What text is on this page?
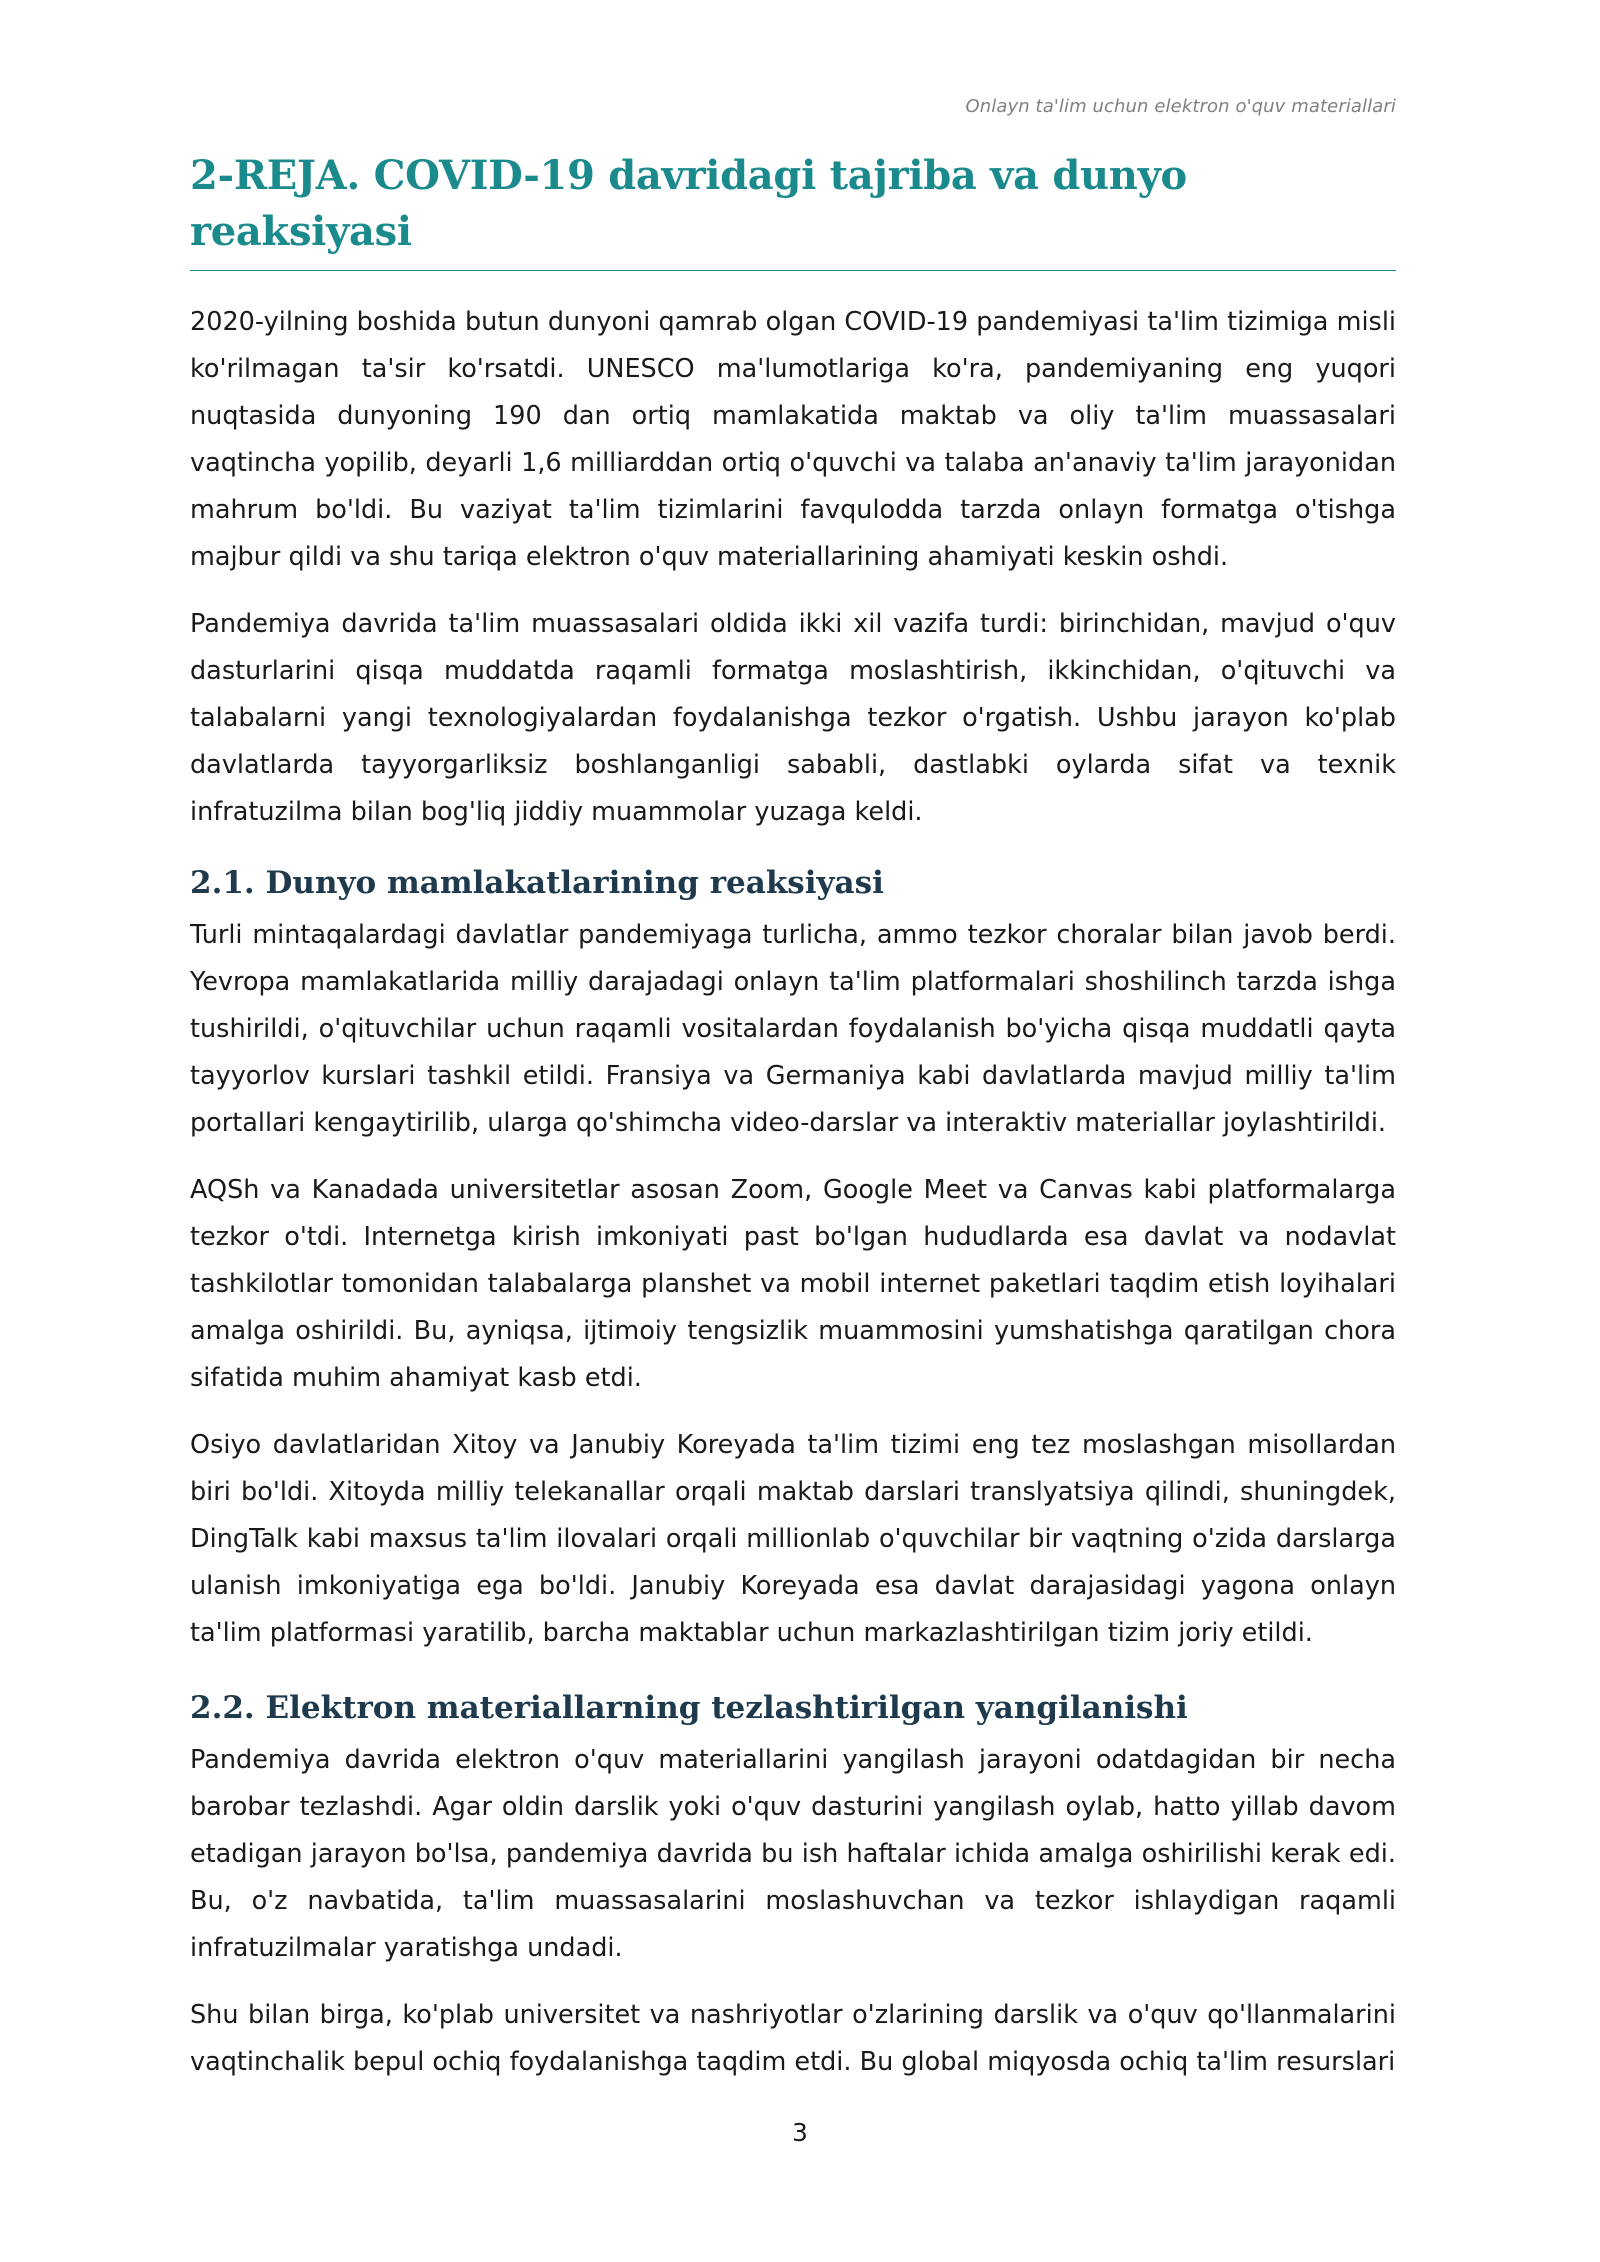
Onlayn ta'lim uchun elektron o'quv materiallari
2-REJA. COVID-19 davridagi tajriba va dunyo reaksiyasi

2020-yilning boshida butun dunyoni qamrab olgan COVID-19 pandemiyasi ta'lim tizimiga misli ko'rilmagan ta'sir ko'rsatdi. UNESCO ma'lumotlariga ko'ra, pandemiyaning eng yuqori nuqtasida dunyoning 190 dan ortiq mamlakatida maktab va oliy ta'lim muassasalari vaqtincha yopilib, deyarli 1,6 milliarddan ortiq o'quvchi va talaba an'anaviy ta'lim jarayonidan mahrum bo'ldi. Bu vaziyat ta'lim tizimlarini favqulodda tarzda onlayn formatga o'tishga majbur qildi va shu tariqa elektron o'quv materiallarining ahamiyati keskin oshdi.

Pandemiya davrida ta'lim muassasalari oldida ikki xil vazifa turdi: birinchidan, mavjud o'quv dasturlarini qisqa muddatda raqamli formatga moslashtirish, ikkinchidan, o'qituvchi va talabalarni yangi texnologiyalardan foydalanishga tezkor o'rgatish. Ushbu jarayon ko'plab davlatlarda tayyorgarliksiz boshlanganligi sababli, dastlabki oylarda sifat va texnik infratuzilma bilan bog'liq jiddiy muammolar yuzaga keldi.

2.1. Dunyo mamlakatlarining reaksiyasi

Turli mintaqalardagi davlatlar pandemiyaga turlicha, ammo tezkor choralar bilan javob berdi. Yevropa mamlakatlarida milliy darajadagi onlayn ta'lim platformalari shoshilinch tarzda ishga tushirildi, o'qituvchilar uchun raqamli vositalardan foydalanish bo'yicha qisqa muddatli qayta tayyorlov kurslari tashkil etildi. Fransiya va Germaniya kabi davlatlarda mavjud milliy ta'lim portallari kengaytirilib, ularga qo'shimcha video-darslar va interaktiv materiallar joylashtirildi.

AQSh va Kanadada universitetlar asosan Zoom, Google Meet va Canvas kabi platformalarga tezkor o'tdi. Internetga kirish imkoniyati past bo'lgan hududlarda esa davlat va nodavlat tashkilotlar tomonidan talabalarga planshet va mobil internet paketlari taqdim etish loyihalari amalga oshirildi. Bu, ayniqsa, ijtimoiy tengsizlik muammosini yumshatishga qaratilgan chora sifatida muhim ahamiyat kasb etdi.

Osiyo davlatlaridan Xitoy va Janubiy Koreyada ta'lim tizimi eng tez moslashgan misollardan biri bo'ldi. Xitoyda milliy telekanallar orqali maktab darslari translyatsiya qilindi, shuningdek, DingTalk kabi maxsus ta'lim ilovalari orqali millionlab o'quvchilar bir vaqtning o'zida darslarga ulanish imkoniyatiga ega bo'ldi. Janubiy Koreyada esa davlat darajasidagi yagona onlayn ta'lim platformasi yaratilib, barcha maktablar uchun markazlashtirilgan tizim joriy etildi.

2.2. Elektron materiallarning tezlashtirilgan yangilanishi

Pandemiya davrida elektron o'quv materiallarini yangilash jarayoni odatdagidan bir necha barobar tezlashdi. Agar oldin darslik yoki o'quv dasturini yangilash oylab, hatto yillab davom etadigan jarayon bo'lsa, pandemiya davrida bu ish haftalar ichida amalga oshirilishi kerak edi. Bu, o'z navbatida, ta'lim muassasalarini moslashuvchan va tezkor ishlaydigan raqamli infratuzilmalar yaratishga undadi.

Shu bilan birga, ko'plab universitet va nashriyotlar o'zlarining darslik va o'quv qo'llanmalarini vaqtinchalik bepul ochiq foydalanishga taqdim etdi. Bu global miqyosda ochiq ta'lim resurslari

3
